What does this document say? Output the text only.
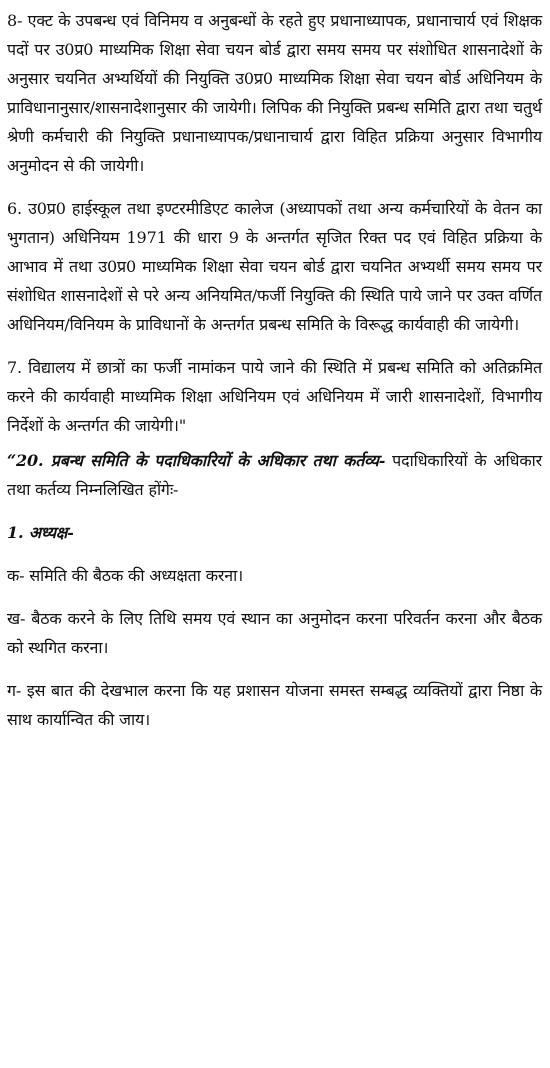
8- एक्ट के उपबन्ध एवं विनिमय व अनुबन्धों के रहते हुए प्रधानाध्यापक, प्रधानाचार्य एवं शिक्षक पदों पर उ0प्र0 माध्यमिक शिक्षा सेवा चयन बोर्ड द्वारा समय समय पर संशोधित शासनादेशों के अनुसार चयनित अभ्यर्थियों की नियुक्ति उ0प्र0 माध्यमिक शिक्षा सेवा चयन बोर्ड अधिनियम के प्राविधानानुसार/शासनादेशानुसार की जायेगी। लिपिक की नियुक्ति प्रबन्ध समिति द्वारा तथा चतुर्थ श्रेणी कर्मचारी की नियुक्ति प्रधानाध्यापक/प्रधानाचार्य द्वारा विहित प्रक्रिया अनुसार विभागीय अनुमोदन से की जायेगी।

6. उ0प्र0 हाईस्कूल तथा इण्टरमीडिएट कालेज (अध्यापकों तथा अन्य कर्मचारियों के वेतन का भुगतान) अधिनियम 1971 की धारा 9 के अन्तर्गत सृजित रिक्त पद एवं विहित प्रक्रिया के आभाव में तथा उ0प्र0 माध्यमिक शिक्षा सेवा चयन बोर्ड द्वारा चयनित अभ्यर्थी समय समय पर संशोधित शासनादेशों से परे अन्य अनियमित/फर्जी नियुक्ति की स्थिति पाये जाने पर उक्त वर्णित अधिनियम/विनियम के प्राविधानों के अन्तर्गत प्रबन्ध समिति के विरूद्ध कार्यवाही की जायेगी।

7. विद्यालय में छात्रों का फर्जी नामांकन पाये जाने की स्थिति में प्रबन्ध समिति को अतिक्रमित करने की कार्यवाही माध्यमिक शिक्षा अधिनियम एवं अधिनियम में जारी शासनादेशों, विभागीय निर्देशों के अन्तर्गत की जायेगी।"

“20. प्रबन्ध समिति के पदाधिकारियों के अधिकार तथा कर्तव्य- पदाधिकारियों के अधिकार तथा कर्तव्य निम्नलिखित होंगेः-

1. अध्यक्ष-

क- समिति की बैठक की अध्यक्षता करना।

ख- बैठक करने के लिए तिथि समय एवं स्थान का अनुमोदन करना परिवर्तन करना और बैठक को स्थगित करना।

ग- इस बात की देखभाल करना कि यह प्रशासन योजना समस्त सम्बद्ध व्यक्तियों द्वारा निष्ठा के साथ कार्यान्वित की जाय।
